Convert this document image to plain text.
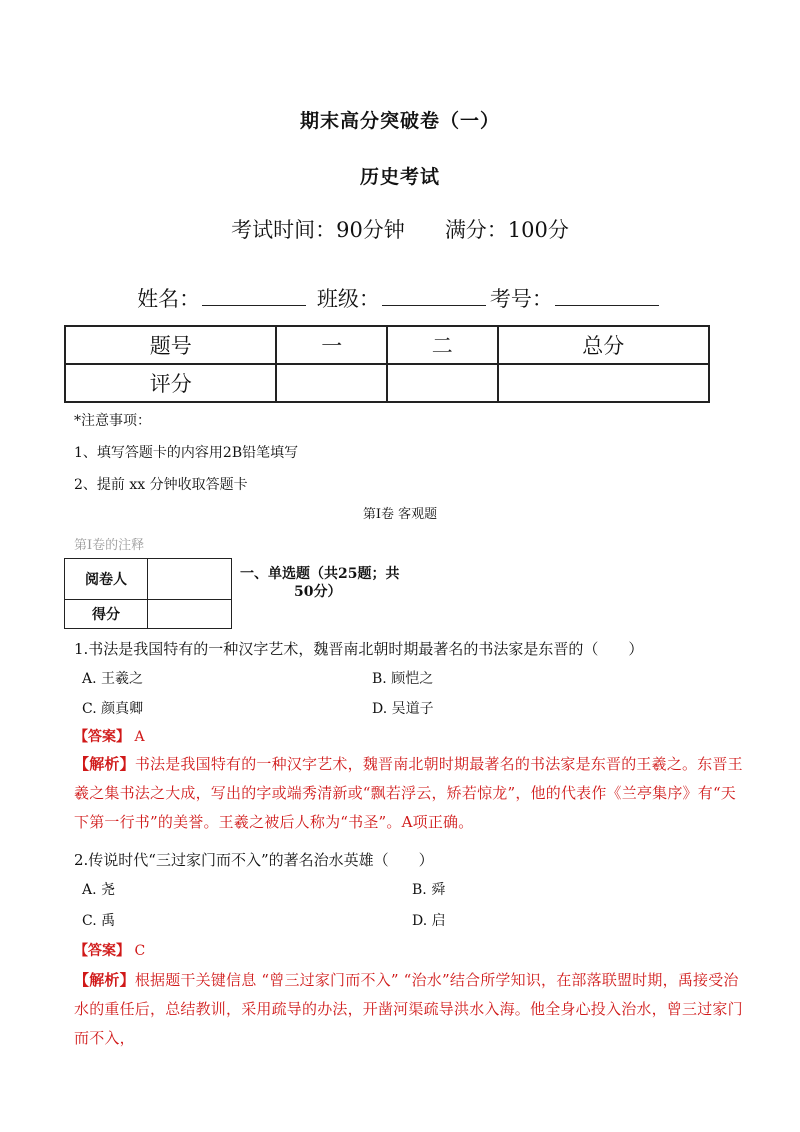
期末高分突破卷（一）
历史考试
考试时间：90分钟 满分：100分
姓名：	班级：	考号：
题号	一	二	总分
评分			
*注意事项：
1、填写答题卡的内容用2B铅笔填写
2、提前 xx 分钟收取答题卡
第Ⅰ卷 客观题
第Ⅰ卷的注释
阅卷人	
得分	
一、单选题（共25题；共
50分）
1.书法是我国特有的一种汉字艺术，魏晋南北朝时期最著名的书法家是东晋的（　　）
A. 王羲之	B. 顾恺之
C. 颜真卿	D. 吴道子
【答案】 A
【解析】书法是我国特有的一种汉字艺术，魏晋南北朝时期最著名的书法家是东晋的王羲之。东晋王羲之集书法之大成，写出的字或端秀清新或“飘若浮云，矫若惊龙”，他的代表作《兰亭集序》有“天下第一行书”的美誉。王羲之被后人称为“书圣”。A项正确。
2.传说时代“三过家门而不入”的著名治水英雄（　　）
A. 尧	B. 舜
C. 禹	D. 启
【答案】 C
【解析】根据题干关键信息 “曾三过家门而不入” “治水”结合所学知识，在部落联盟时期，禹接受治水的重任后，总结教训，采用疏导的办法，开凿河渠疏导洪水入海。他全身心投入治水，曾三过家门而不入，
